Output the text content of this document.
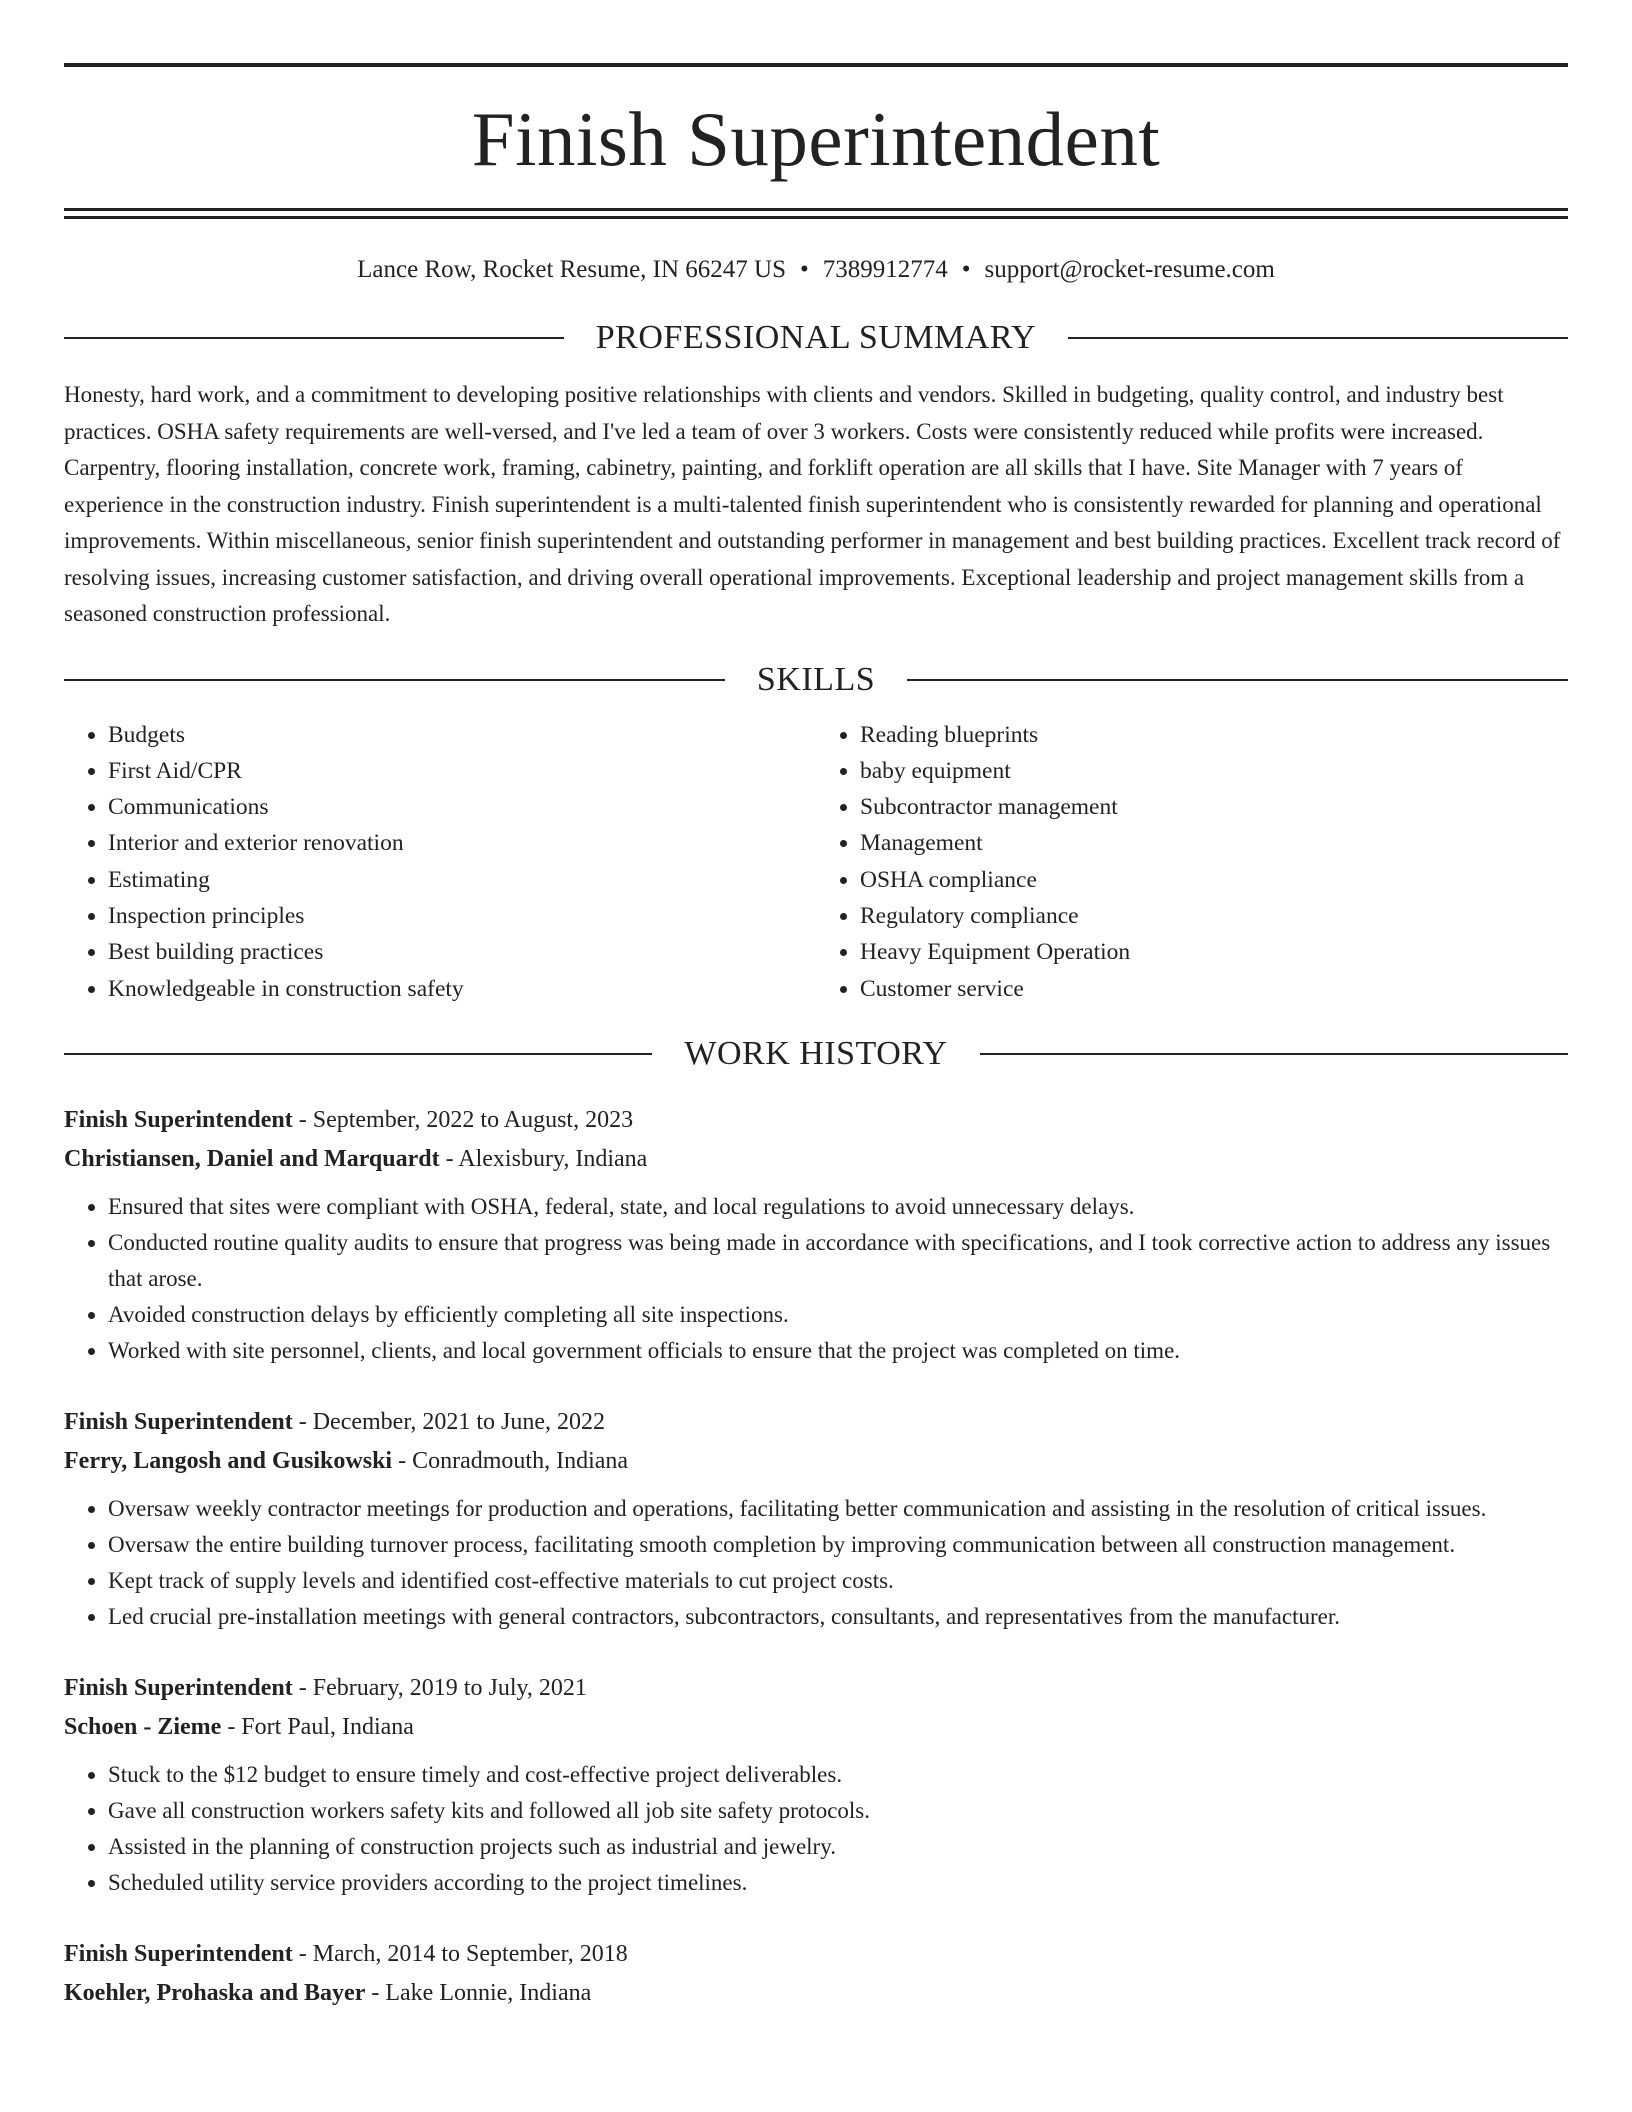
Finish Superintendent
Lance Row, Rocket Resume, IN 66247 US • 7389912774 • support@rocket-resume.com
PROFESSIONAL SUMMARY

Honesty, hard work, and a commitment to developing positive relationships with clients and vendors. Skilled in budgeting, quality control, and industry best practices. OSHA safety requirements are well-versed, and I've led a team of over 3 workers. Costs were consistently reduced while profits were increased. Carpentry, flooring installation, concrete work, framing, cabinetry, painting, and forklift operation are all skills that I have. Site Manager with 7 years of experience in the construction industry. Finish superintendent is a multi-talented finish superintendent who is consistently rewarded for planning and operational improvements. Within miscellaneous, senior finish superintendent and outstanding performer in management and best building practices. Excellent track record of resolving issues, increasing customer satisfaction, and driving overall operational improvements. Exceptional leadership and project management skills from a seasoned construction professional.

SKILLS
• Budgets
• First Aid/CPR
• Communications
• Interior and exterior renovation
• Estimating
• Inspection principles
• Best building practices
• Knowledgeable in construction safety
• Reading blueprints
• baby equipment
• Subcontractor management
• Management
• OSHA compliance
• Regulatory compliance
• Heavy Equipment Operation
• Customer service
WORK HISTORY
Finish Superintendent - September, 2022 to August, 2023
Christiansen, Daniel and Marquardt - Alexisbury, Indiana
• Ensured that sites were compliant with OSHA, federal, state, and local regulations to avoid unnecessary delays.
• Conducted routine quality audits to ensure that progress was being made in accordance with specifications, and I took corrective action to address any issues that arose.
• Avoided construction delays by efficiently completing all site inspections.
• Worked with site personnel, clients, and local government officials to ensure that the project was completed on time.
Finish Superintendent - December, 2021 to June, 2022
Ferry, Langosh and Gusikowski - Conradmouth, Indiana
• Oversaw weekly contractor meetings for production and operations, facilitating better communication and assisting in the resolution of critical issues.
• Oversaw the entire building turnover process, facilitating smooth completion by improving communication between all construction management.
• Kept track of supply levels and identified cost-effective materials to cut project costs.
• Led crucial pre-installation meetings with general contractors, subcontractors, consultants, and representatives from the manufacturer.
Finish Superintendent - February, 2019 to July, 2021
Schoen - Zieme - Fort Paul, Indiana
• Stuck to the $12 budget to ensure timely and cost-effective project deliverables.
• Gave all construction workers safety kits and followed all job site safety protocols.
• Assisted in the planning of construction projects such as industrial and jewelry.
• Scheduled utility service providers according to the project timelines.
Finish Superintendent - March, 2014 to September, 2018
Koehler, Prohaska and Bayer - Lake Lonnie, Indiana
